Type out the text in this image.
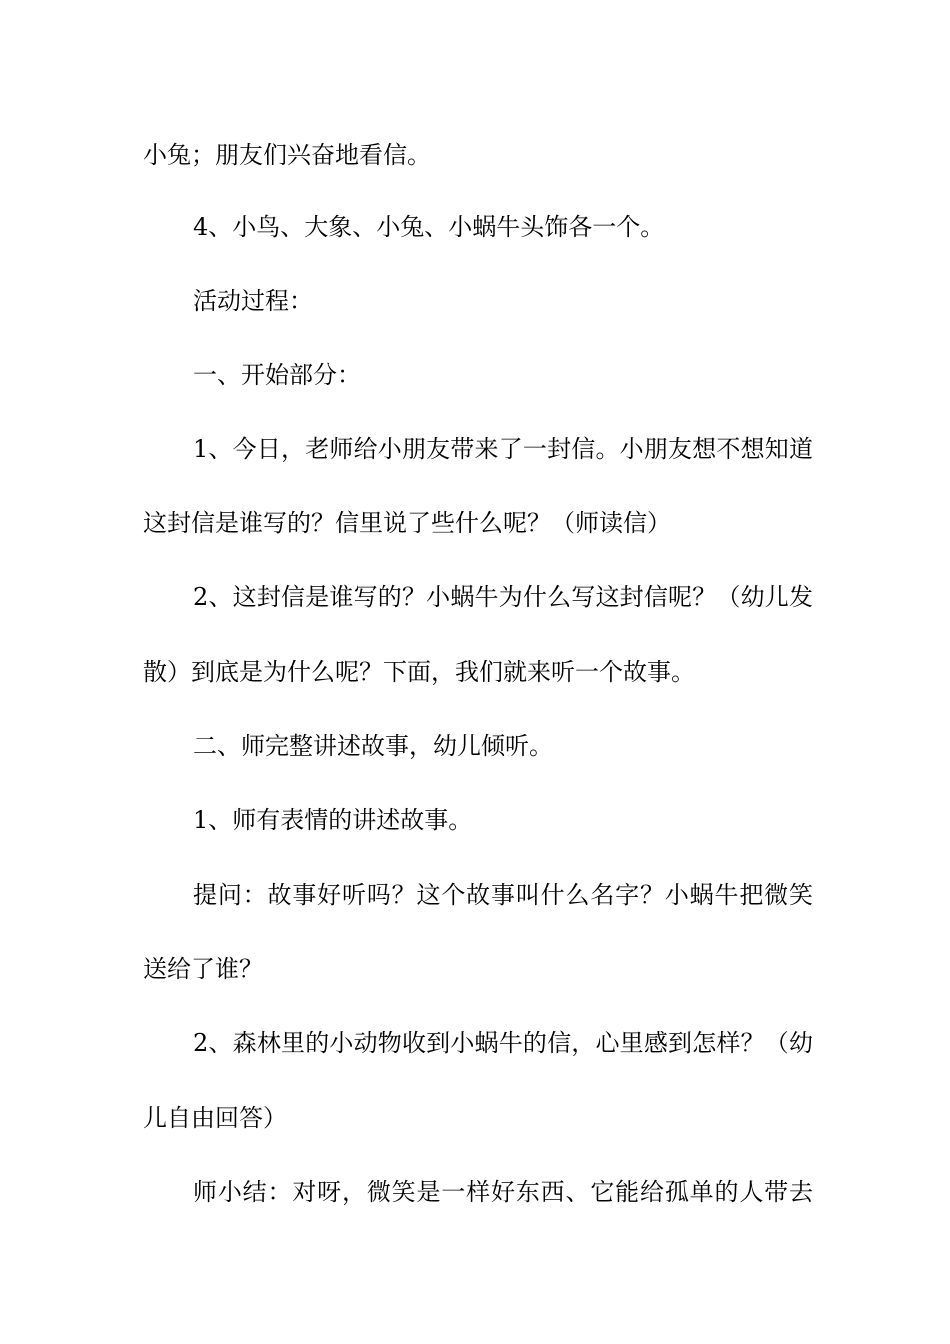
小兔；朋友们兴奋地看信。
4、小鸟、大象、小兔、小蜗牛头饰各一个。
活动过程：
一、开始部分：
1、今日，老师给小朋友带来了一封信。小朋友想不想知道
这封信是谁写的？信里说了些什么呢？（师读信）
2、这封信是谁写的？小蜗牛为什么写这封信呢？（幼儿发
散）到底是为什么呢？下面，我们就来听一个故事。
二、师完整讲述故事，幼儿倾听。
1、师有表情的讲述故事。
提问：故事好听吗？这个故事叫什么名字？小蜗牛把微笑
送给了谁？
2、森林里的小动物收到小蜗牛的信，心里感到怎样？（幼
儿自由回答）
师小结：对呀，微笑是一样好东西、它能给孤单的人带去
